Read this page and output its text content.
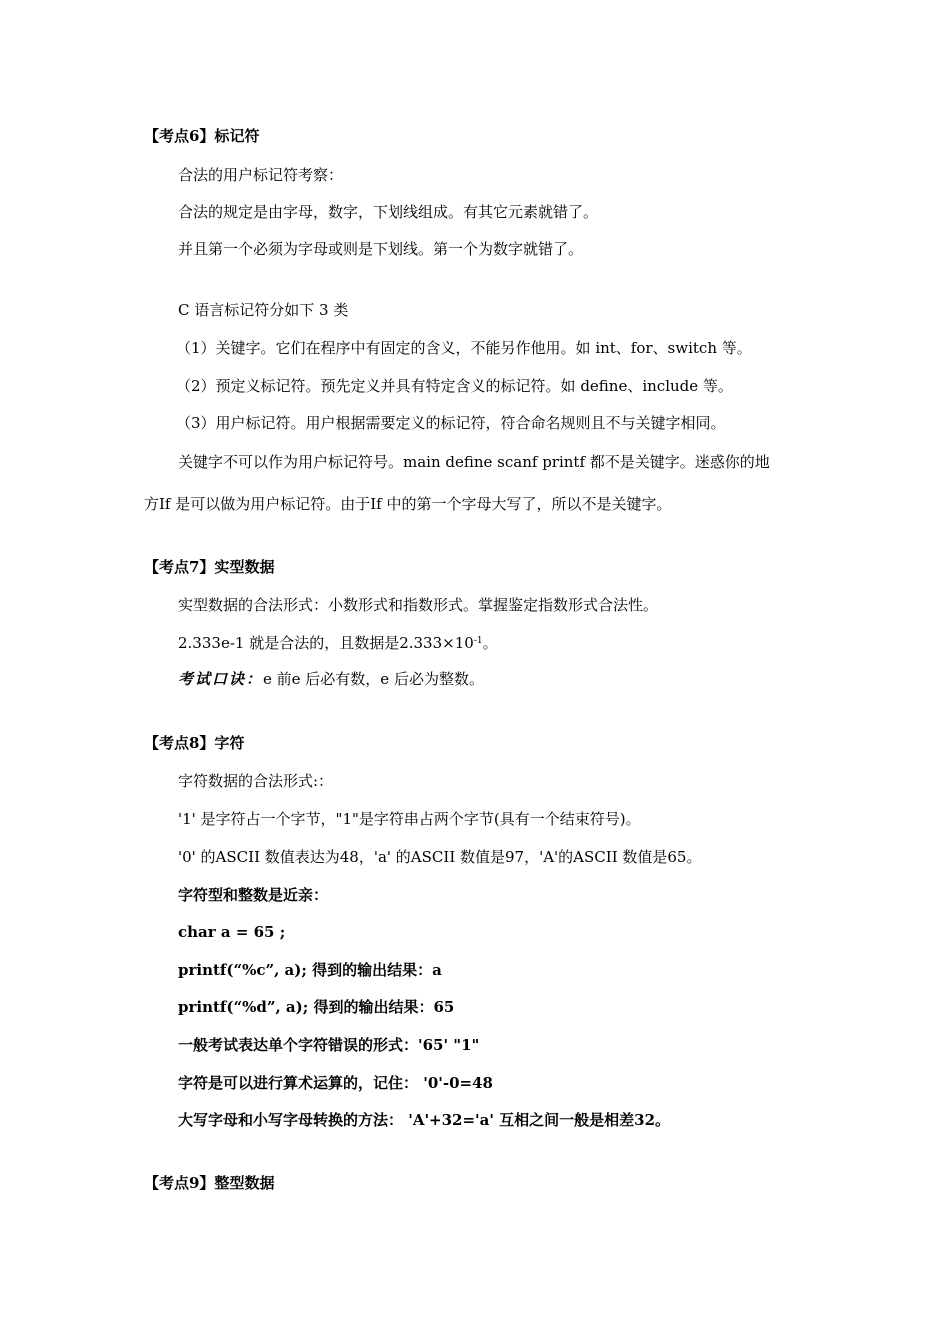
【考点6】标记符
合法的用户标记符考察：
合法的规定是由字母，数字，下划线组成。有其它元素就错了。
并且第一个必须为字母或则是下划线。第一个为数字就错了。
C 语言标记符分如下 3 类
（1）关键字。它们在程序中有固定的含义，不能另作他用。如 int、for、switch 等。
（2）预定义标记符。预先定义并具有特定含义的标记符。如 define、include 等。
（3）用户标记符。用户根据需要定义的标记符，符合命名规则且不与关键字相同。
关键字不可以作为用户标记符号。main define scanf printf 都不是关键字。迷惑你的地
方If 是可以做为用户标记符。由于If 中的第一个字母大写了，所以不是关键字。
【考点7】实型数据
实型数据的合法形式：小数形式和指数形式。掌握鉴定指数形式合法性。
2.333e-1 就是合法的，且数据是$2.333\times 10^{-1}$。
考试口诀：e 前e 后必有数，e 后必为整数。
【考点8】字符
字符数据的合法形式:：
'1' 是字符占一个字节，"1"是字符串占两个字节(具有一个结束符号)。
'0' 的ASCII 数值表达为48，'a' 的ASCII 数值是97，'A'的ASCII 数值是65。
字符型和整数是近亲：
char a = 65 ;
printf(“%c”, a); 得到的输出结果：a
printf(“%d”, a); 得到的输出结果：65
一般考试表达单个字符错误的形式：'65' "1"
字符是可以进行算术运算的，记住： '0'-0=48
大写字母和小写字母转换的方法： 'A'+32='a' 互相之间一般是相差32。
【考点9】整型数据
